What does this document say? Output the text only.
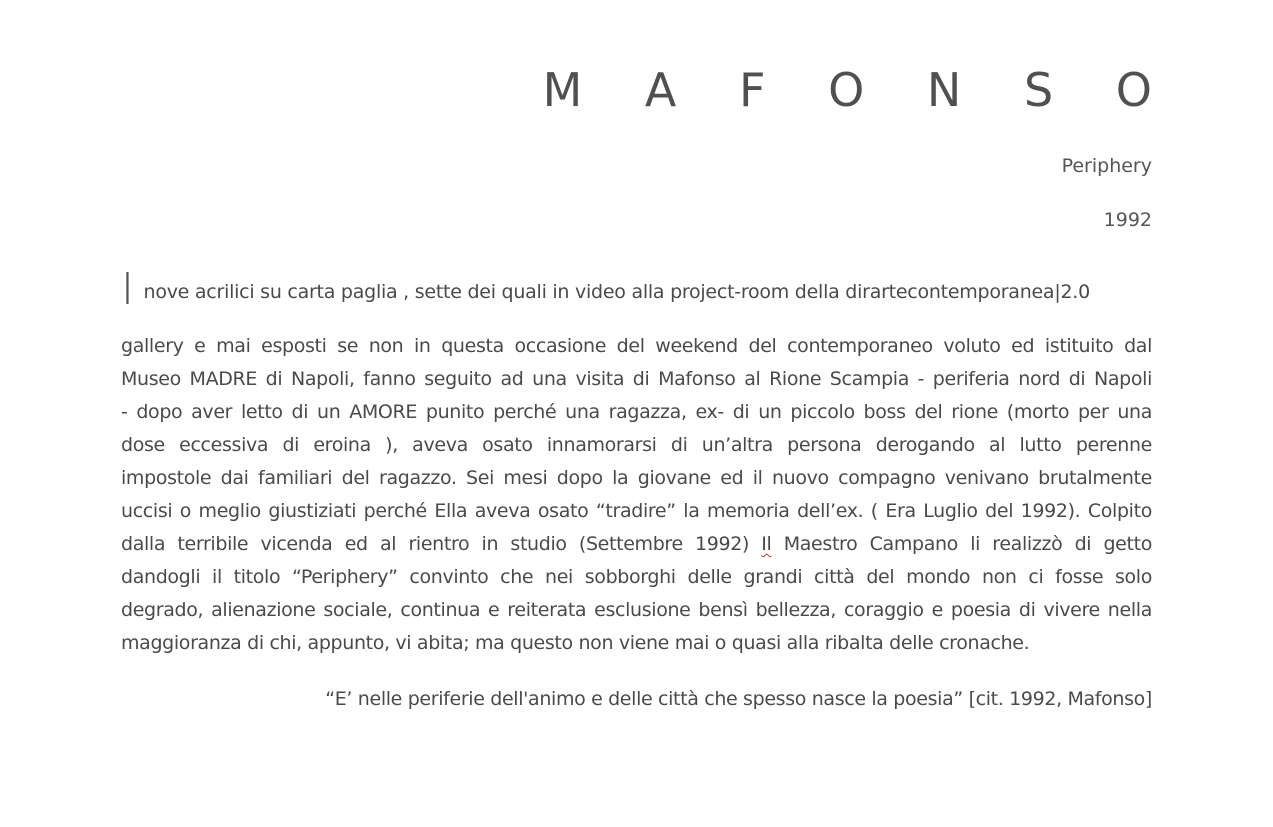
M A F O N S O
Periphery
1992
I nove acrilici su carta paglia , sette dei quali in video alla project-room della dirartecontemporanea|2.0
gallery e mai esposti se non in questa occasione del weekend del contemporaneo voluto ed istituito dal
Museo MADRE di Napoli, fanno seguito ad una visita di Mafonso al Rione Scampia - periferia nord di Napoli
- dopo aver letto di un AMORE punito perché una ragazza, ex- di un piccolo boss del rione (morto per una
dose eccessiva di eroina ), aveva osato innamorarsi di un’altra persona derogando al lutto perenne
impostole dai familiari del ragazzo. Sei mesi dopo la giovane ed il nuovo compagno venivano brutalmente
uccisi o meglio giustiziati perché Ella aveva osato “tradire” la memoria dell’ex. ( Era Luglio del 1992). Colpito
dalla terribile vicenda ed al rientro in studio (Settembre 1992) Il Maestro Campano li realizzò di getto
dandogli il titolo “Periphery” convinto che nei sobborghi delle grandi città del mondo non ci fosse solo
degrado, alienazione sociale, continua e reiterata esclusione bensì bellezza, coraggio e poesia di vivere nella
maggioranza di chi, appunto, vi abita; ma questo non viene mai o quasi alla ribalta delle cronache.
“E’ nelle periferie dell'animo e delle città che spesso nasce la poesia” [cit. 1992, Mafonso]
